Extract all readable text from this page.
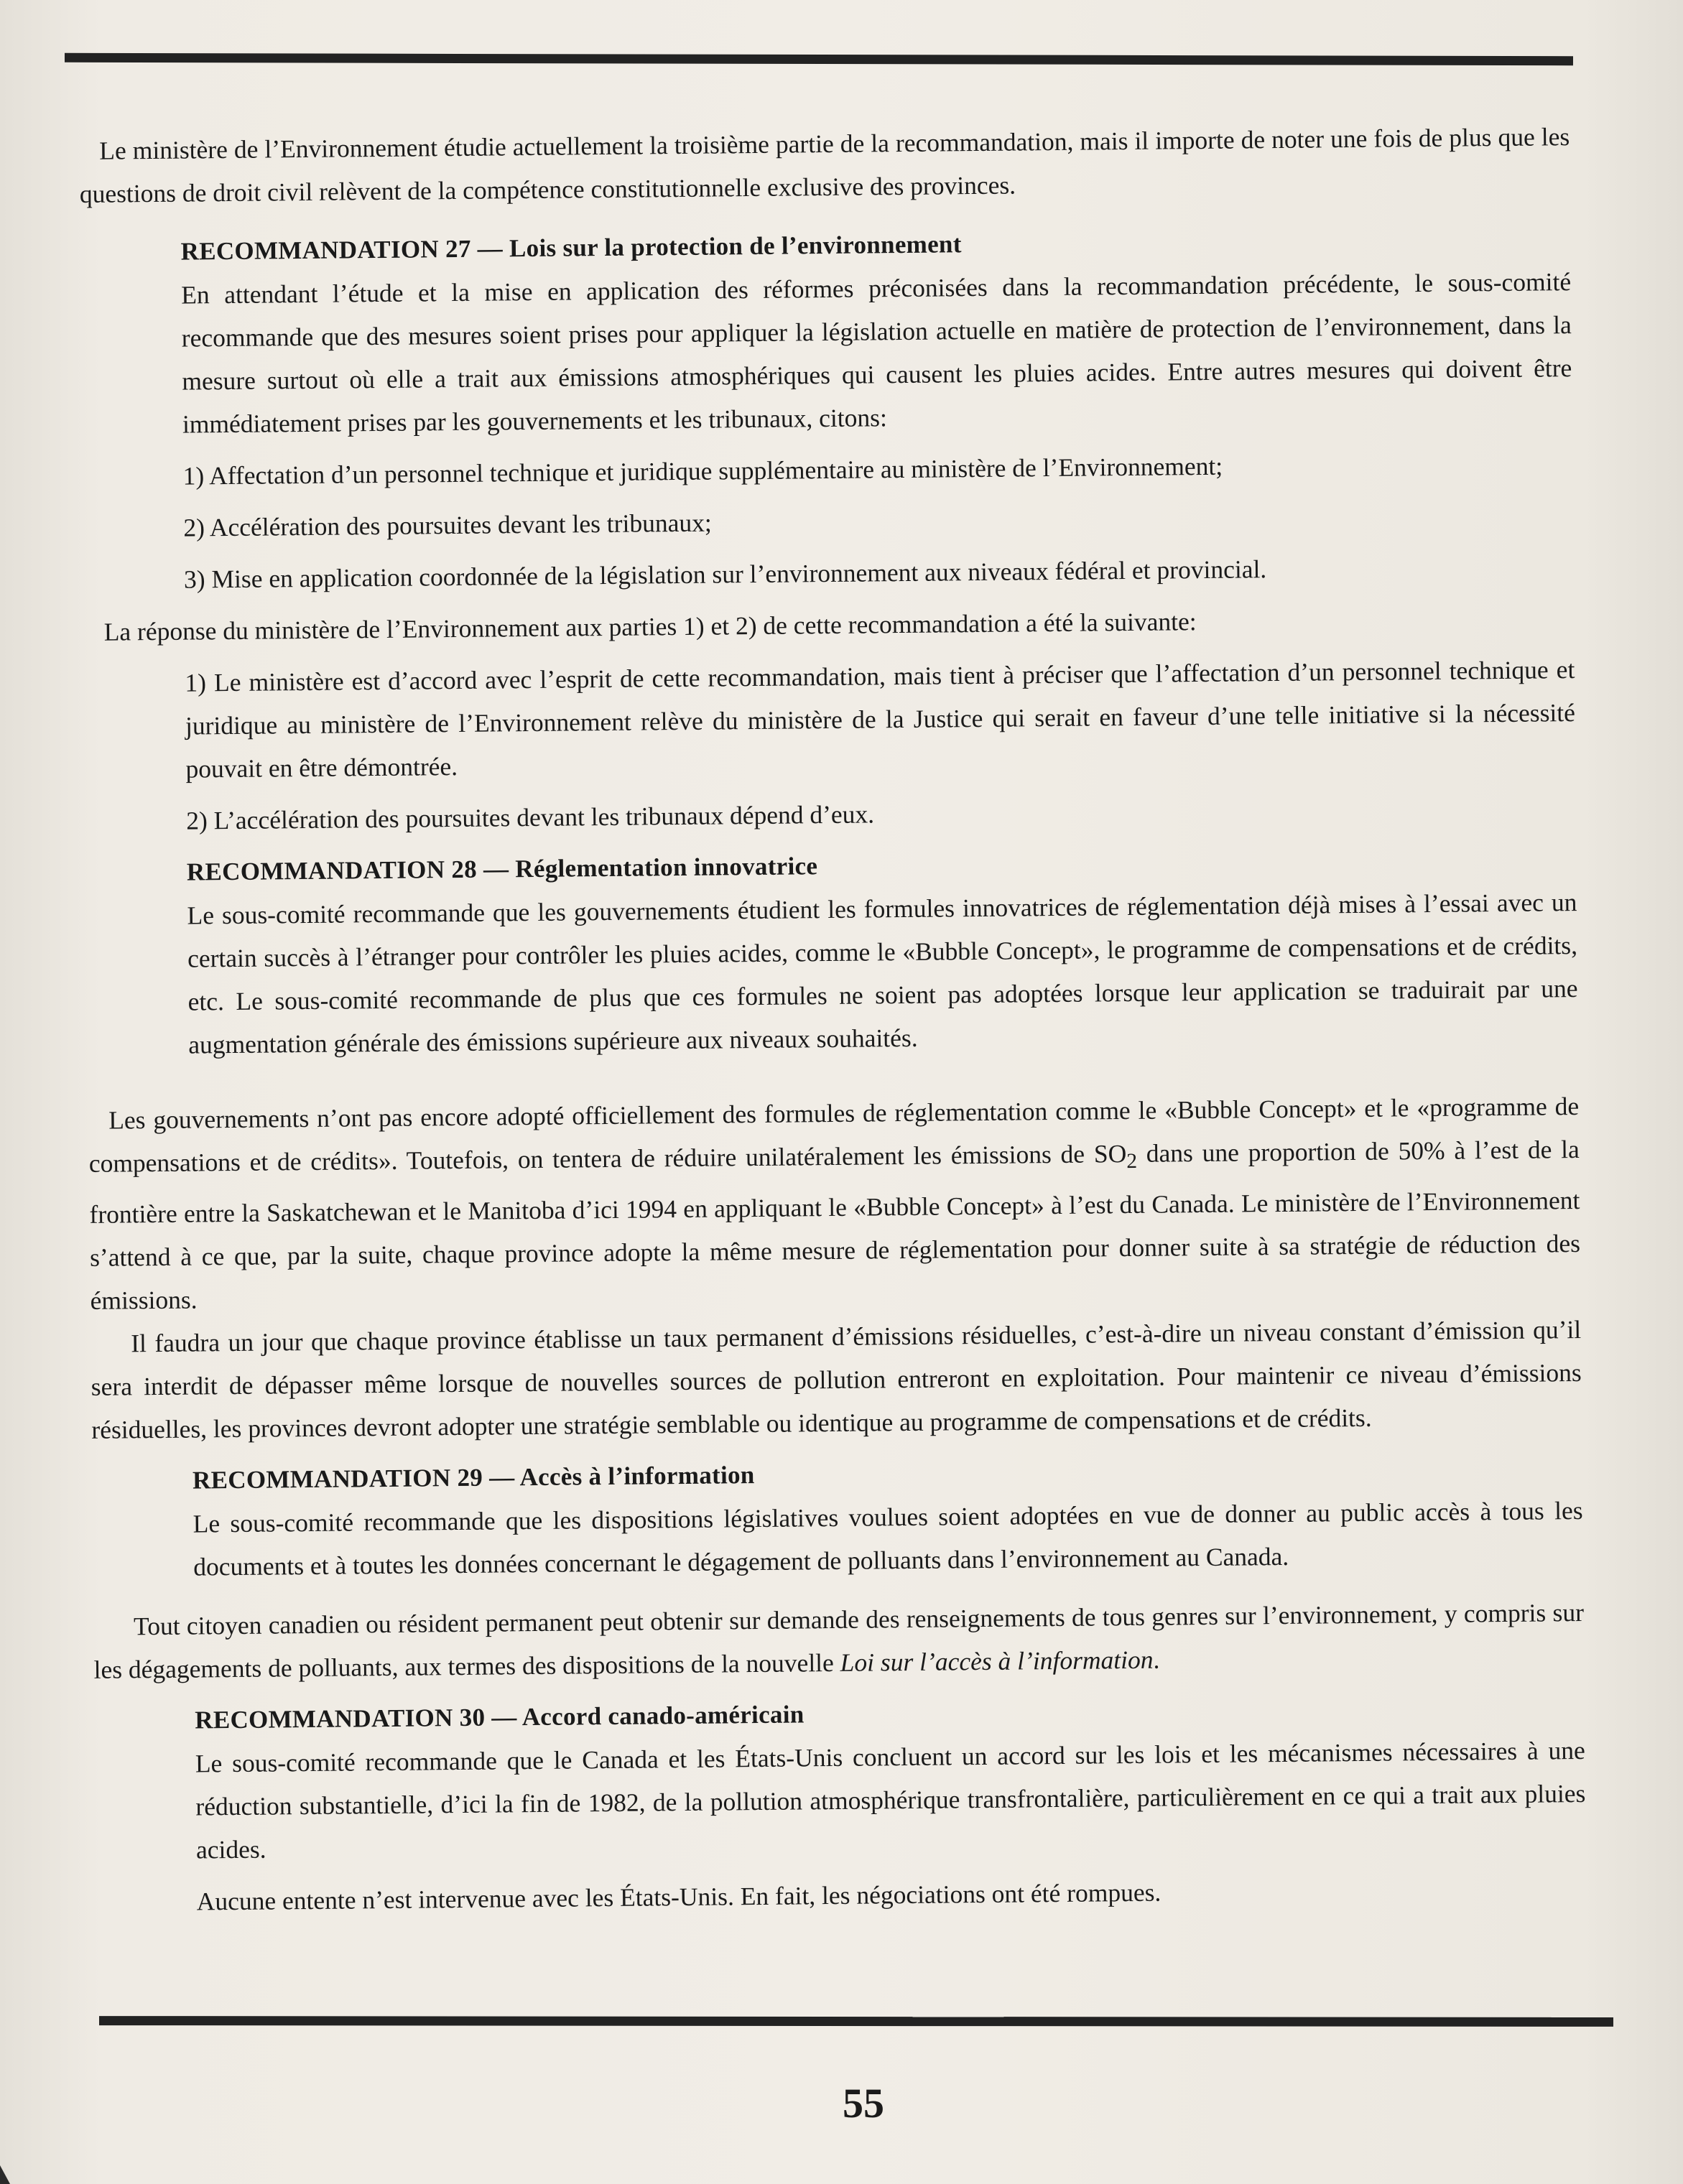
Le ministère de l’Environnement étudie actuellement la troisième partie de la recommandation, mais il importe de noter une fois de plus que les questions de droit civil relèvent de la compétence constitutionnelle exclusive des provinces.

RECOMMANDATION 27 — Lois sur la protection de l’environnement

En attendant l’étude et la mise en application des réformes préconisées dans la recommandation précédente, le sous-comité recommande que des mesures soient prises pour appliquer la législation actuelle en matière de protection de l’environnement, dans la mesure surtout où elle a trait aux émissions atmosphériques qui causent les pluies acides. Entre autres mesures qui doivent être immédiatement prises par les gouvernements et les tribunaux, citons:

1) Affectation d’un personnel technique et juridique supplémentaire au ministère de l’Environnement;

2) Accélération des poursuites devant les tribunaux;

3) Mise en application coordonnée de la législation sur l’environnement aux niveaux fédéral et provincial.

La réponse du ministère de l’Environnement aux parties 1) et 2) de cette recommandation a été la suivante:

1) Le ministère est d’accord avec l’esprit de cette recommandation, mais tient à préciser que l’affectation d’un personnel technique et juridique au ministère de l’Environnement relève du ministère de la Justice qui serait en faveur d’une telle initiative si la nécessité pouvait en être démontrée.

2) L’accélération des poursuites devant les tribunaux dépend d’eux.

RECOMMANDATION 28 — Réglementation innovatrice

Le sous-comité recommande que les gouvernements étudient les formules innovatrices de réglementation déjà mises à l’essai avec un certain succès à l’étranger pour contrôler les pluies acides, comme le «Bubble Concept», le programme de compensations et de crédits, etc. Le sous-comité recommande de plus que ces formules ne soient pas adoptées lorsque leur application se traduirait par une augmentation générale des émissions supérieure aux niveaux souhaités.

Les gouvernements n’ont pas encore adopté officiellement des formules de réglementation comme le «Bubble Concept» et le «programme de compensations et de crédits». Toutefois, on tentera de réduire unilatéralement les émissions de $SO_2$ dans une proportion de 50% à l’est de la frontière entre la Saskatchewan et le Manitoba d’ici 1994 en appliquant le «Bubble Concept» à l’est du Canada. Le ministère de l’Environnement s’attend à ce que, par la suite, chaque province adopte la même mesure de réglementation pour donner suite à sa stratégie de réduction des émissions.

Il faudra un jour que chaque province établisse un taux permanent d’émissions résiduelles, c’est-à-dire un niveau constant d’émission qu’il sera interdit de dépasser même lorsque de nouvelles sources de pollution entreront en exploitation. Pour maintenir ce niveau d’émissions résiduelles, les provinces devront adopter une stratégie semblable ou identique au programme de compensations et de crédits.

RECOMMANDATION 29 — Accès à l’information

Le sous-comité recommande que les dispositions législatives voulues soient adoptées en vue de donner au public accès à tous les documents et à toutes les données concernant le dégagement de polluants dans l’environnement au Canada.

Tout citoyen canadien ou résident permanent peut obtenir sur demande des renseignements de tous genres sur l’environnement, y compris sur les dégagements de polluants, aux termes des dispositions de la nouvelle Loi sur l’accès à l’information.

RECOMMANDATION 30 — Accord canado-américain

Le sous-comité recommande que le Canada et les États-Unis concluent un accord sur les lois et les mécanismes nécessaires à une réduction substantielle, d’ici la fin de 1982, de la pollution atmosphérique transfrontalière, particulièrement en ce qui a trait aux pluies acides.

Aucune entente n’est intervenue avec les États-Unis. En fait, les négociations ont été rompues.

55
